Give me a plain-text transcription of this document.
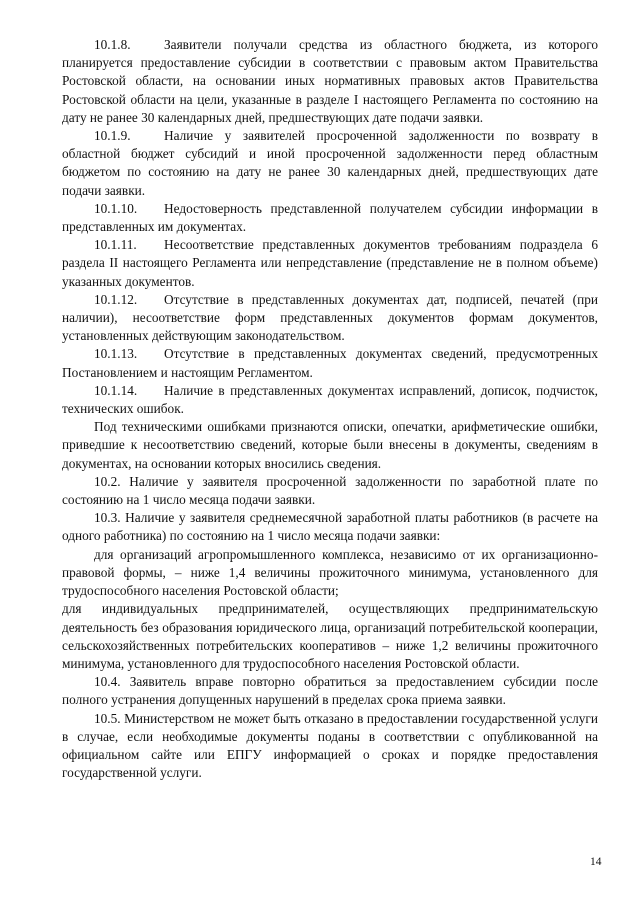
10.1.8.	Заявители получали средства из областного бюджета, из которого планируется предоставление субсидии в соответствии с правовым актом Правительства Ростовской области, на основании иных нормативных правовых актов Правительства Ростовской области на цели, указанные в разделе I настоящего Регламента по состоянию на дату не ранее 30 календарных дней, предшествующих дате подачи заявки.

10.1.9.	Наличие у заявителей просроченной задолженности по возврату в областной бюджет субсидий и иной просроченной задолженности перед областным бюджетом по состоянию на дату не ранее 30 календарных дней, предшествующих дате подачи заявки.

10.1.10. Недостоверность представленной получателем субсидии информации в представленных им документах.

10.1.11. Несоответствие представленных документов требованиям подраздела 6 раздела II настоящего Регламента или непредставление (представление не в полном объеме) указанных документов.

10.1.12. Отсутствие в представленных документах дат, подписей, печатей (при наличии), несоответствие форм представленных документов формам документов, установленных действующим законодательством.

10.1.13. Отсутствие в представленных документах сведений, предусмотренных Постановлением и настоящим Регламентом.

10.1.14. Наличие в представленных документах исправлений, дописок, подчисток, технических ошибок.

Под техническими ошибками признаются описки, опечатки, арифметические ошибки, приведшие к несоответствию сведений, которые были внесены в документы, сведениям в документах, на основании которых вносились сведения.

10.2. Наличие у заявителя просроченной задолженности по заработной плате по состоянию на 1 число месяца подачи заявки.

10.3. Наличие у заявителя среднемесячной заработной платы работников (в расчете на одного работника) по состоянию на 1 число месяца подачи заявки:

для организаций агропромышленного комплекса, независимо от их организационно-правовой формы, – ниже 1,4 величины прожиточного минимума, установленного для трудоспособного населения Ростовской области;

для индивидуальных предпринимателей, осуществляющих предпринимательскую деятельность без образования юридического лица, организаций потребительской кооперации, сельскохозяйственных потребительских кооперативов – ниже 1,2 величины прожиточного минимума, установленного для трудоспособного населения Ростовской области.

10.4. Заявитель вправе повторно обратиться за предоставлением субсидии после полного устранения допущенных нарушений в пределах срока приема заявки.

10.5. Министерством не может быть отказано в предоставлении государственной услуги в случае, если необходимые документы поданы в соответствии с опубликованной на официальном сайте или ЕПГУ информацией о сроках и порядке предоставления государственной услуги.

14
